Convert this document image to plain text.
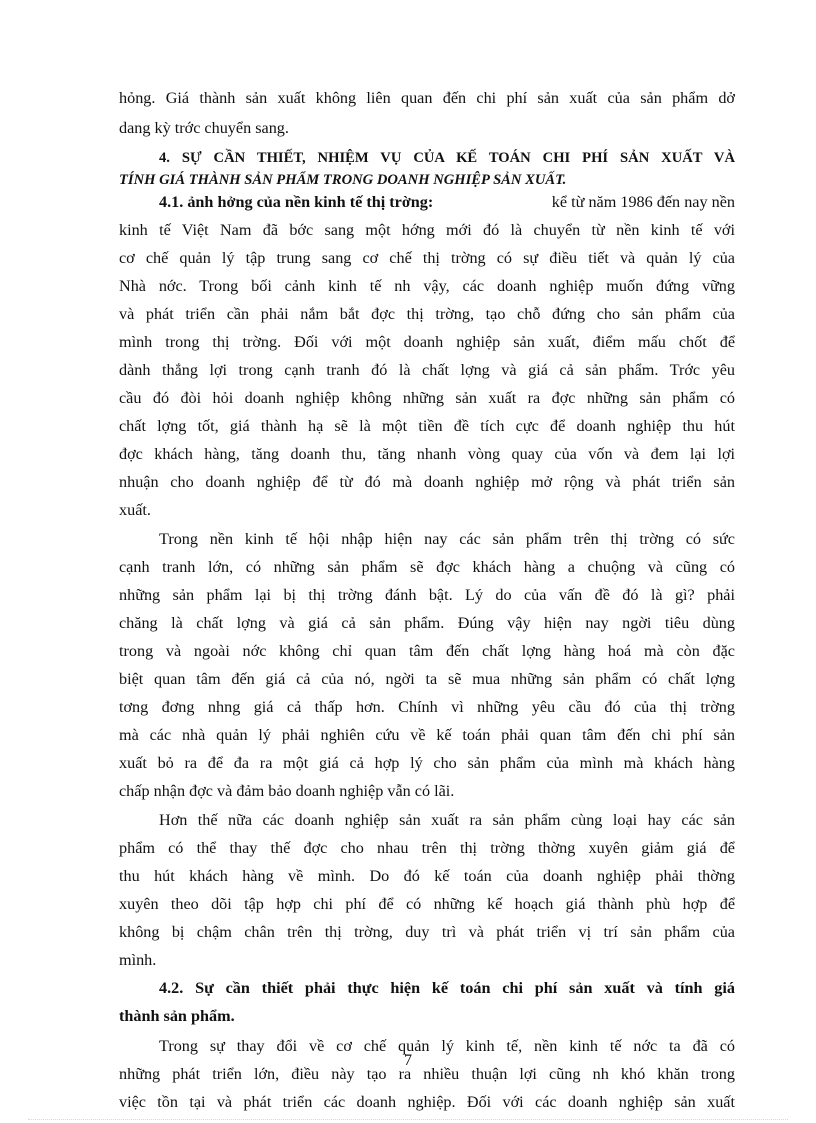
hỏng. Giá thành sản xuất không liên quan đến chi phí sản xuất của sản phẩm dở
dang kỳ trớc chuyển sang.
4. SỰ CẦN THIẾT, NHIỆM VỤ CỦA KẾ TOÁN CHI PHÍ SẢN XUẤT VÀ
TÍNH GIÁ THÀNH SẢN PHẨM TRONG DOANH NGHIỆP SẢN XUẤT.
4.1. ảnh hởng của nền kinh tế thị trờng:	kể từ năm 1986 đến nay nền
kinh tế Việt Nam đã bớc sang một hớng mới đó là chuyển từ nền kinh tế với
cơ chế quản lý tập trung sang cơ chế thị trờng có sự điều tiết và quản lý của
Nhà nớc. Trong bối cảnh kinh tế nh vậy, các doanh nghiệp muốn đứng vững
và phát triển cần phải nắm bắt đợc thị trờng, tạo chỗ đứng cho sản phẩm của
mình trong thị trờng. Đối với một doanh nghiệp sản xuất, điểm mấu chốt để
dành thắng lợi trong cạnh tranh đó là chất lợng và giá cả sản phẩm. Trớc yêu
cầu đó đòi hỏi doanh nghiệp không những sản xuất ra đợc những sản phẩm có
chất lợng tốt, giá thành hạ sẽ là một tiền đề tích cực để doanh nghiệp thu hút
đợc khách hàng, tăng doanh thu, tăng nhanh vòng quay của vốn và đem lại lợi
nhuận cho doanh nghiệp để từ đó mà doanh nghiệp mở rộng và phát triển sản
xuất.
Trong nền kinh tế hội nhập hiện nay các sản phẩm trên thị trờng có sức
cạnh tranh lớn, có những sản phẩm sẽ đợc khách hàng a chuộng và cũng có
những sản phẩm lại bị thị trờng đánh bật. Lý do của vấn đề đó là gì? phải
chăng là chất lợng và giá cả sản phẩm. Đúng vậy hiện nay ngời tiêu dùng
trong và ngoài nớc không chỉ quan tâm đến chất lợng hàng hoá mà còn đặc
biệt quan tâm đến giá cả của nó, ngời ta sẽ mua những sản phẩm có chất lợng
tơng đơng nhng giá cả thấp hơn. Chính vì những yêu cầu đó của thị trờng
mà các nhà quản lý phải nghiên cứu về kế toán phải quan tâm đến chi phí sản
xuất bỏ ra để đa ra một giá cả hợp lý cho sản phẩm của mình mà khách hàng
chấp nhận đợc và đảm bảo doanh nghiệp vẫn có lãi.
Hơn thế nữa các doanh nghiệp sản xuất ra sản phẩm cùng loại hay các sản
phẩm có thể thay thế đợc cho nhau trên thị trờng thờng xuyên giảm giá để
thu hút khách hàng về mình. Do đó kế toán của doanh nghiệp phải thờng
xuyên theo dõi tập hợp chi phí để có những kế hoạch giá thành phù hợp để
không bị chậm chân trên thị trờng, duy trì và phát triển vị trí sản phẩm của
mình.
4.2. Sự cần thiết phải thực hiện kế toán chi phí sản xuất và tính giá
thành sản phẩm.
Trong sự thay đổi về cơ chế quản lý kinh tế, nền kinh tế nớc ta đã có
những phát triển lớn, điều này tạo ra nhiều thuận lợi cũng nh khó khăn trong
việc tồn tại và phát triển các doanh nghiệp. Đối với các doanh nghiệp sản xuất
7
